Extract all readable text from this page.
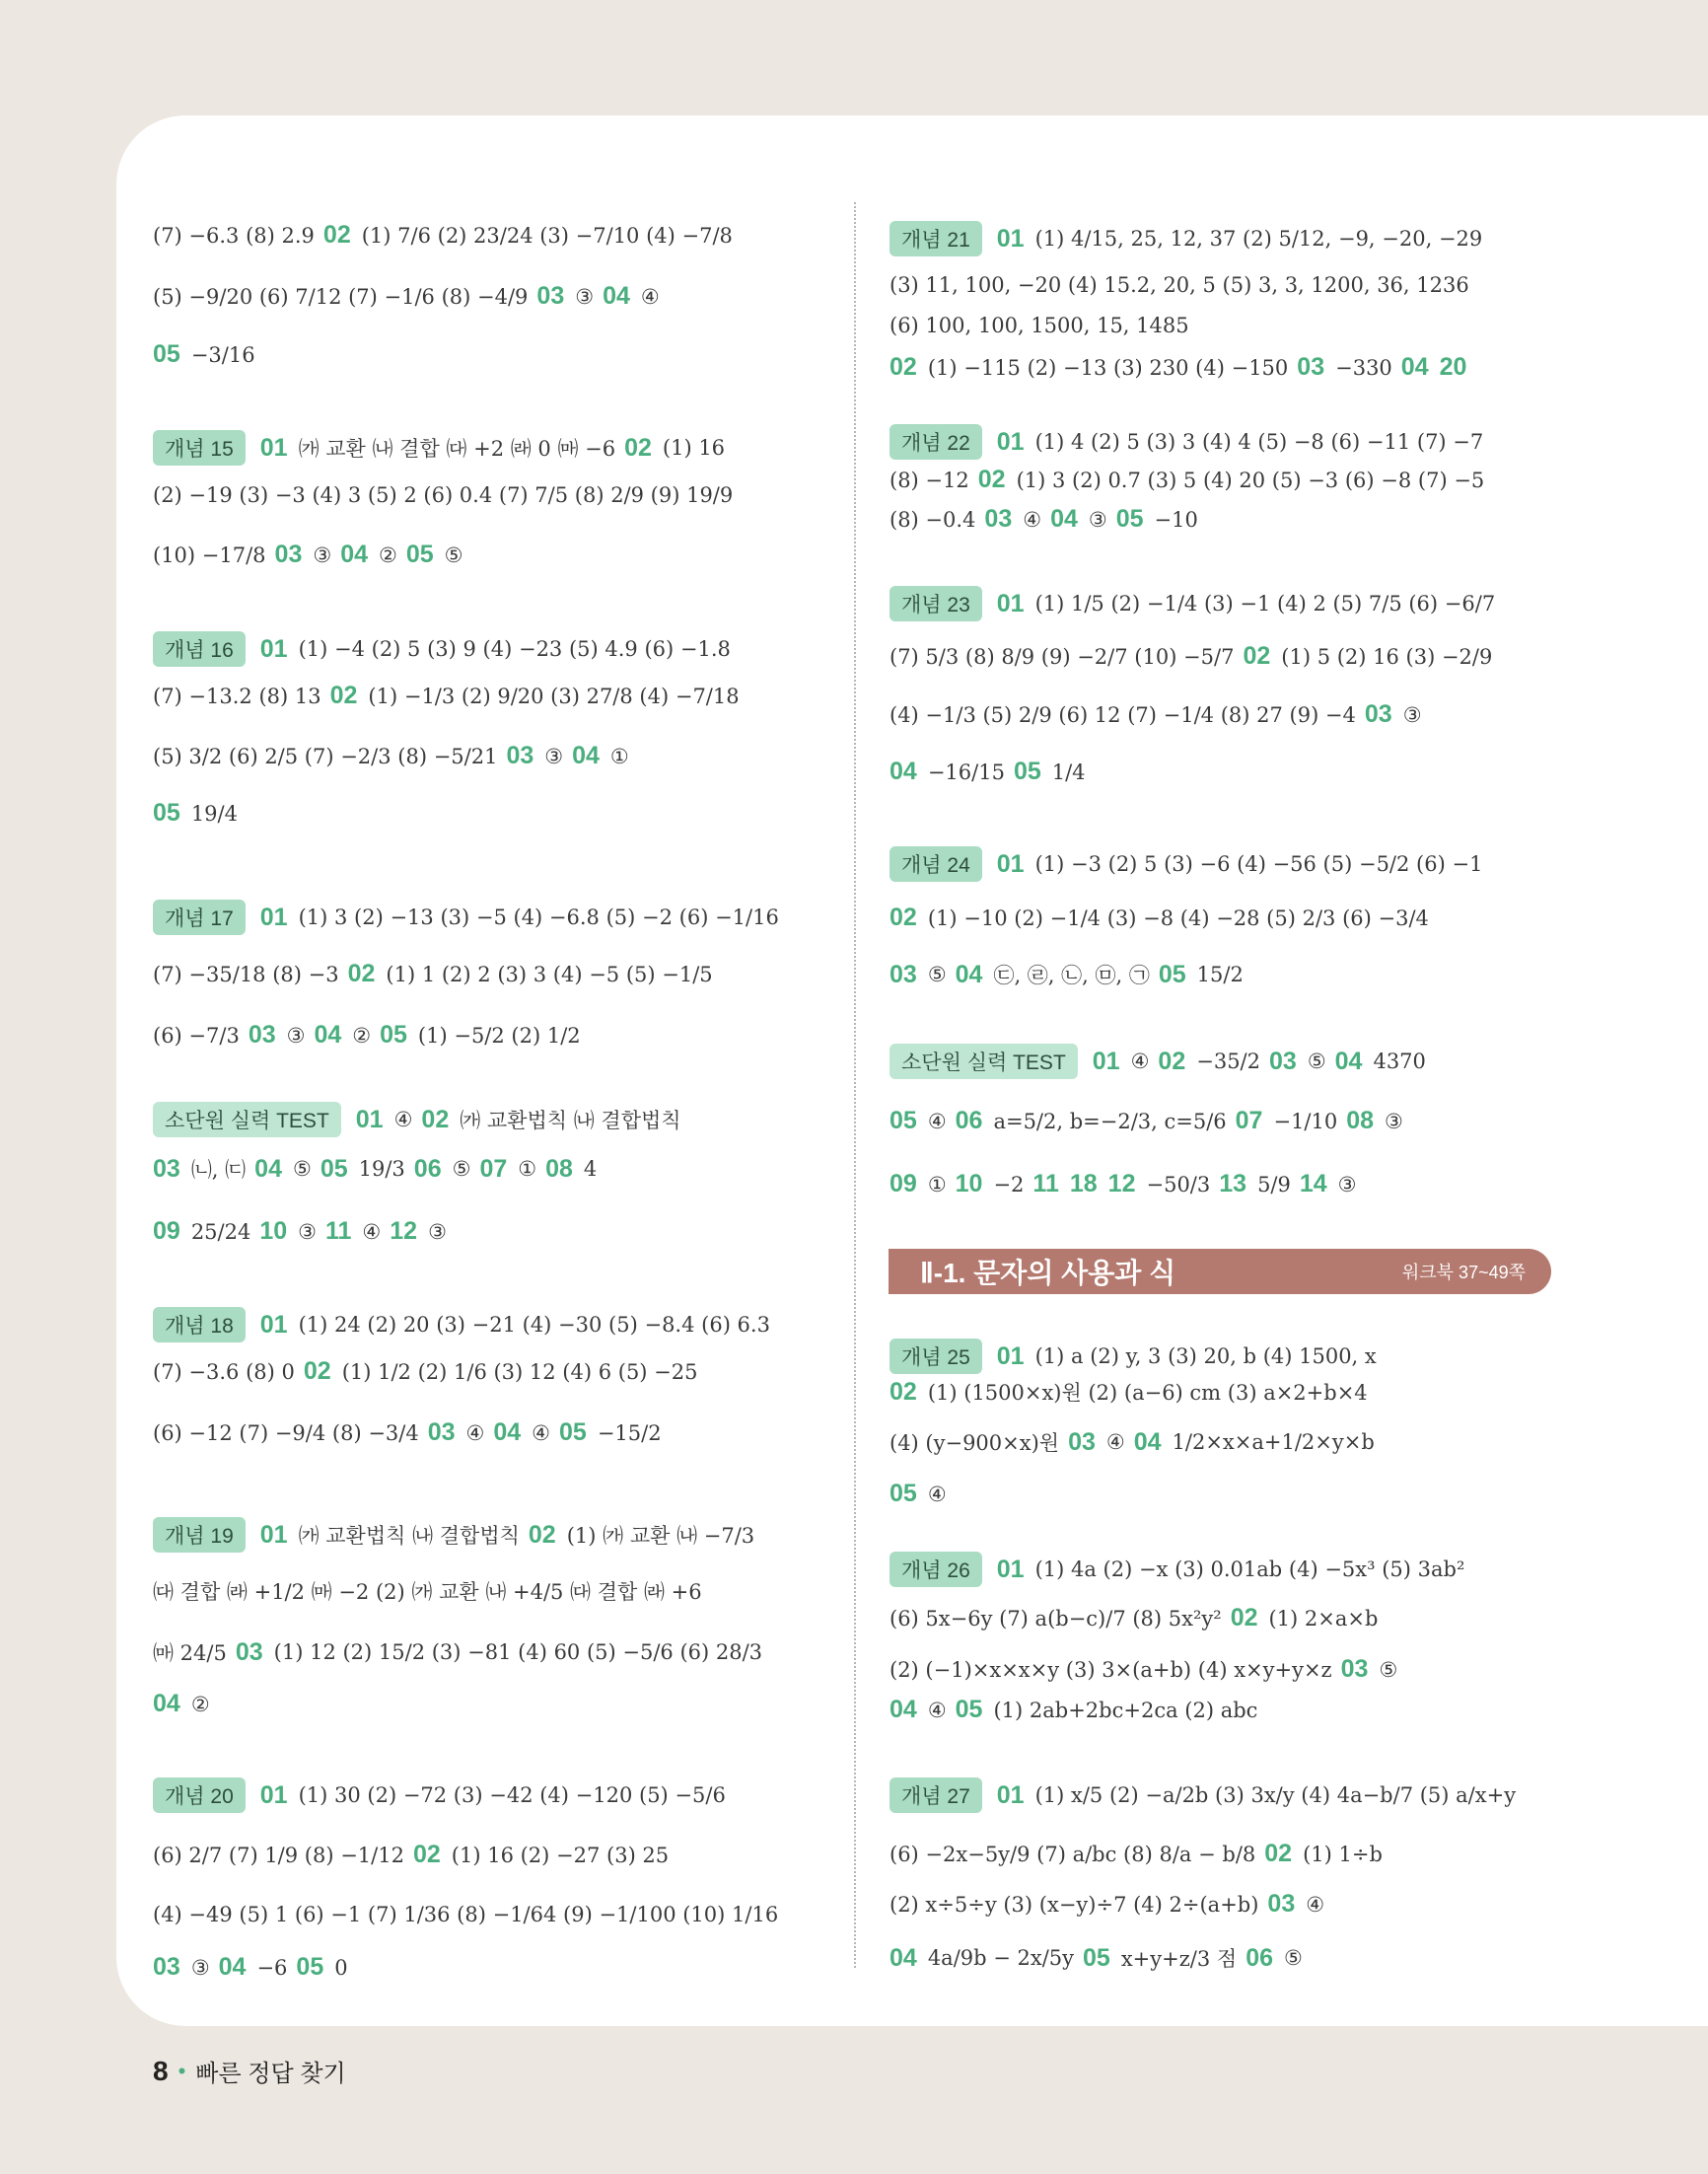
Ⅱ-1. 문자의 사용과 식	워크북 37~49쪽
(7) −6.3 (8) 2.9 02 (1) 7/6 (2) 23/24 (3) −7/10 (4) −7/8
(5) −9/20 (6) 7/12 (7) −1/6 (8) −4/9 03 ③ 04 ④
05 −3/16
개념 15	01 ㈎ 교환 ㈏ 결합 ㈐ +2 ㈑ 0 ㈒ −6 02 (1) 16
(2) −19 (3) −3 (4) 3 (5) 2 (6) 0.4 (7) 7/5 (8) 2/9 (9) 19/9
(10) −17/8 03 ③ 04 ② 05 ⑤
개념 16	01 (1) −4 (2) 5 (3) 9 (4) −23 (5) 4.9 (6) −1.8
(7) −13.2 (8) 13 02 (1) −1/3 (2) 9/20 (3) 27/8 (4) −7/18
(5) 3/2 (6) 2/5 (7) −2/3 (8) −5/21 03 ③ 04 ①
05 19/4
개념 17	01 (1) 3 (2) −13 (3) −5 (4) −6.8 (5) −2 (6) −1/16
(7) −35/18 (8) −3 02 (1) 1 (2) 2 (3) 3 (4) −5 (5) −1/5
(6) −7/3 03 ③ 04 ② 05 (1) −5/2 (2) 1/2
소단원 실력 TEST	01 ④ 02 ㈎ 교환법칙 ㈏ 결합법칙
03 ㈁, ㈂ 04 ⑤ 05 19/3 06 ⑤ 07 ① 08 4
09 25/24 10 ③ 11 ④ 12 ③
개념 18	01 (1) 24 (2) 20 (3) −21 (4) −30 (5) −8.4 (6) 6.3
(7) −3.6 (8) 0 02 (1) 1/2 (2) 1/6 (3) 12 (4) 6 (5) −25
(6) −12 (7) −9/4 (8) −3/4 03 ④ 04 ④ 05 −15/2
개념 19	01 ㈎ 교환법칙 ㈏ 결합법칙 02 (1) ㈎ 교환 ㈏ −7/3
㈐ 결합 ㈑ +1/2 ㈒ −2 (2) ㈎ 교환 ㈏ +4/5 ㈐ 결합 ㈑ +6
㈒ 24/5 03 (1) 12 (2) 15/2 (3) −81 (4) 60 (5) −5/6 (6) 28/3
04 ②
개념 20	01 (1) 30 (2) −72 (3) −42 (4) −120 (5) −5/6
(6) 2/7 (7) 1/9 (8) −1/12 02 (1) 16 (2) −27 (3) 25
(4) −49 (5) 1 (6) −1 (7) 1/36 (8) −1/64 (9) −1/100 (10) 1/16
03 ③ 04 −6 05 0
개념 21	01 (1) 4/15, 25, 12, 37 (2) 5/12, −9, −20, −29
(3) 11, 100, −20 (4) 15.2, 20, 5 (5) 3, 3, 1200, 36, 1236
(6) 100, 100, 1500, 15, 1485
02 (1) −115 (2) −13 (3) 230 (4) −150 03 −330 04 20
개념 22	01 (1) 4 (2) 5 (3) 3 (4) 4 (5) −8 (6) −11 (7) −7
(8) −12 02 (1) 3 (2) 0.7 (3) 5 (4) 20 (5) −3 (6) −8 (7) −5
(8) −0.4 03 ④ 04 ③ 05 −10
개념 23	01 (1) 1/5 (2) −1/4 (3) −1 (4) 2 (5) 7/5 (6) −6/7
(7) 5/3 (8) 8/9 (9) −2/7 (10) −5/7 02 (1) 5 (2) 16 (3) −2/9
(4) −1/3 (5) 2/9 (6) 12 (7) −1/4 (8) 27 (9) −4 03 ③
04 −16/15 05 1/4
개념 24	01 (1) −3 (2) 5 (3) −6 (4) −56 (5) −5/2 (6) −1
02 (1) −10 (2) −1/4 (3) −8 (4) −28 (5) 2/3 (6) −3/4
03 ⑤ 04 ㉢, ㉣, ㉡, ㉤, ㉠ 05 15/2
소단원 실력 TEST	01 ④ 02 −35/2 03 ⑤ 04 4370
05 ④ 06 a=5/2, b=−2/3, c=5/6 07 −1/10 08 ③
09 ① 10 −2 11 18 12 −50/3 13 5/9 14 ③
개념 25	01 (1) a (2) y, 3 (3) 20, b (4) 1500, x
02 (1) (1500×x)원 (2) (a−6) cm (3) a×2+b×4
(4) (y−900×x)원 03 ④ 04 1/2×x×a+1/2×y×b
05 ④
개념 26	01 (1) 4a (2) −x (3) 0.01ab (4) −5x³ (5) 3ab²
(6) 5x−6y (7) a(b−c)/7 (8) 5x²y² 02 (1) 2×a×b
(2) (−1)×x×x×y (3) 3×(a+b) (4) x×y+y×z 03 ⑤
04 ④ 05 (1) 2ab+2bc+2ca (2) abc
개념 27	01 (1) x/5 (2) −a/2b (3) 3x/y (4) 4a−b/7 (5) a/x+y
(6) −2x−5y/9 (7) a/bc (8) 8/a − b/8 02 (1) 1÷b
(2) x÷5÷y (3) (x−y)÷7 (4) 2÷(a+b) 03 ④
04 4a/9b − 2x/5y 05 x+y+z/3 점 06 ⑤
8 • 빠른 정답 찾기
